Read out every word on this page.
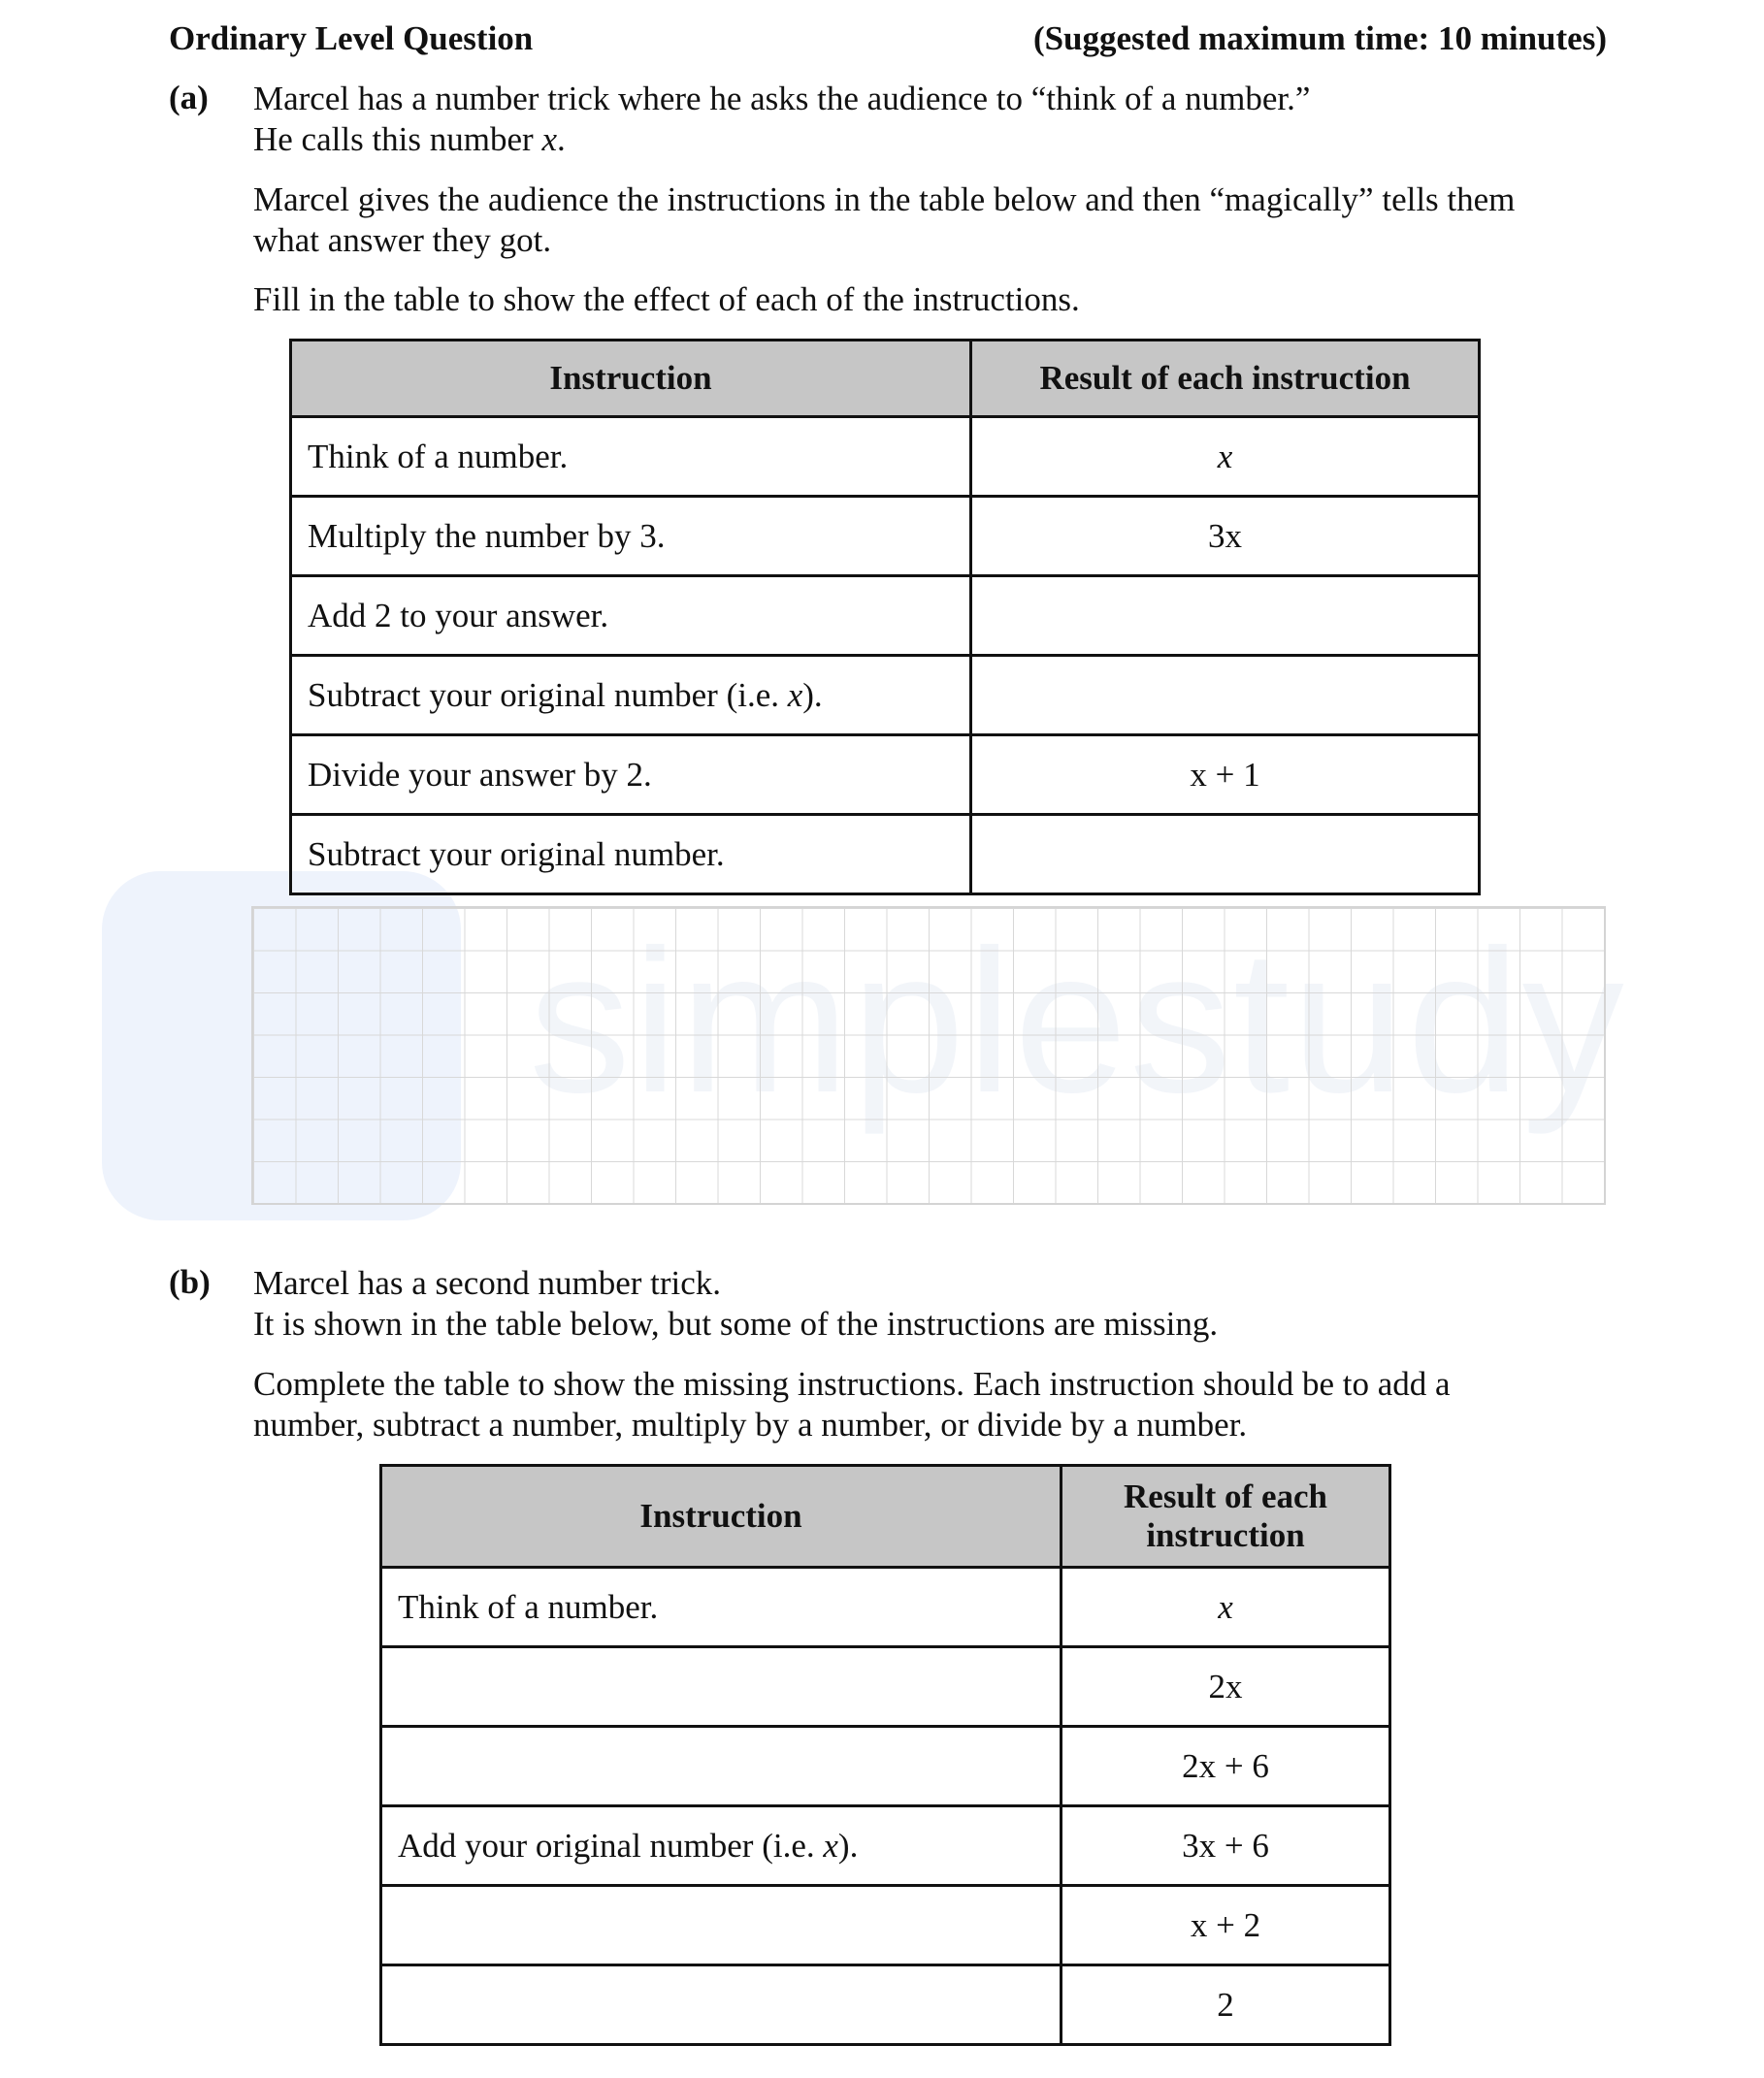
Ordinary Level Question	(Suggested maximum time: 10 minutes)
(a) Marcel has a number trick where he asks the audience to “think of a number.”
He calls this number x.
Marcel gives the audience the instructions in the table below and then “magically” tells them
what answer they got.
Fill in the table to show the effect of each of the instructions.
Instruction	Result of each instruction
Think of a number.	x
Multiply the number by 3.	3x
Add 2 to your answer.	
Subtract your original number (i.e. x).	
Divide your answer by 2.	x + 1
Subtract your original number.	
(b) Marcel has a second number trick.
It is shown in the table below, but some of the instructions are missing.
Complete the table to show the missing instructions. Each instruction should be to add a
number, subtract a number, multiply by a number, or divide by a number.
Instruction	Result of each
instruction
Think of a number.	x
	2x
	2x + 6
Add your original number (i.e. x).	3x + 6
	x + 2
	2
